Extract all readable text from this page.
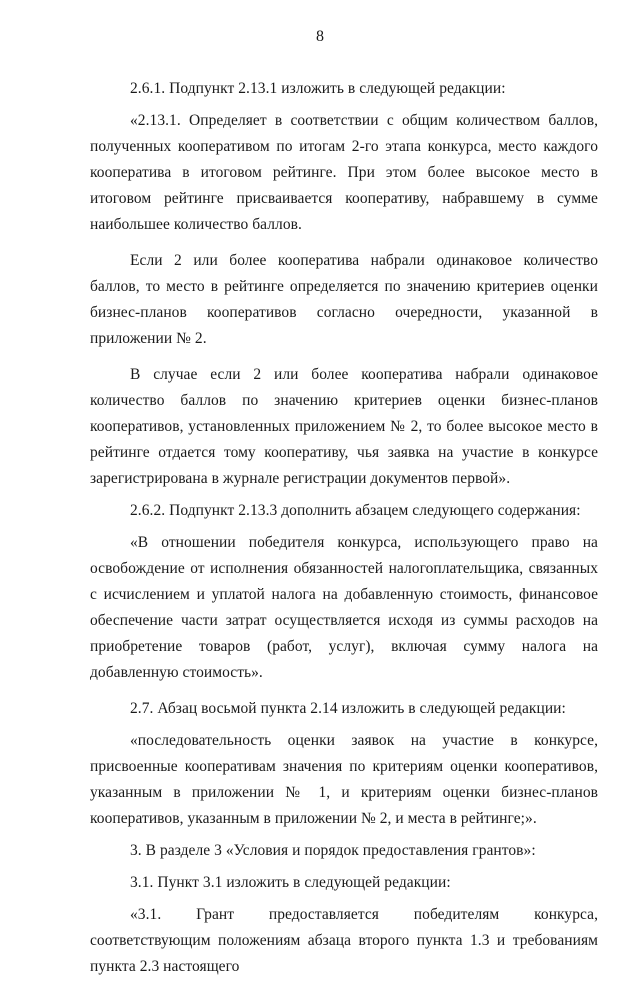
8

2.6.1. Подпункт 2.13.1 изложить в следующей редакции:

«2.13.1. Определяет в соответствии с общим количеством баллов, полученных кооперативом по итогам 2-го этапа конкурса, место каждого кооператива в итоговом рейтинге. При этом более высокое место в итоговом рейтинге присваивается кооперативу, набравшему в сумме наибольшее количество баллов.

Если 2 или более кооператива набрали одинаковое количество баллов, то место в рейтинге определяется по значению критериев оценки бизнес-планов кооперативов согласно очередности, указанной в приложении № 2.

В случае если 2 или более кооператива набрали одинаковое количество баллов по значению критериев оценки бизнес-планов кооперативов, установленных приложением № 2, то более высокое место в рейтинге отдается тому кооперативу, чья заявка на участие в конкурсе зарегистрирована в журнале регистрации документов первой».

2.6.2. Подпункт 2.13.3 дополнить абзацем следующего содержания:

«В отношении победителя конкурса, использующего право на освобождение от исполнения обязанностей налогоплательщика, связанных с исчислением и уплатой налога на добавленную стоимость, финансовое обеспечение части затрат осуществляется исходя из суммы расходов на приобретение товаров (работ, услуг), включая сумму налога на добавленную стоимость».

2.7. Абзац восьмой пункта 2.14 изложить в следующей редакции:

«последовательность оценки заявок на участие в конкурсе, присвоенные кооперативам значения по критериям оценки кооперативов, указанным в приложении № 1, и критериям оценки бизнес-планов кооперативов, указанным в приложении № 2, и места в рейтинге;».

3. В разделе 3 «Условия и порядок предоставления грантов»:

3.1. Пункт 3.1 изложить в следующей редакции:

«3.1. Грант предоставляется победителям конкурса, соответствующим положениям абзаца второго пункта 1.3 и требованиям пункта 2.3 настоящего
